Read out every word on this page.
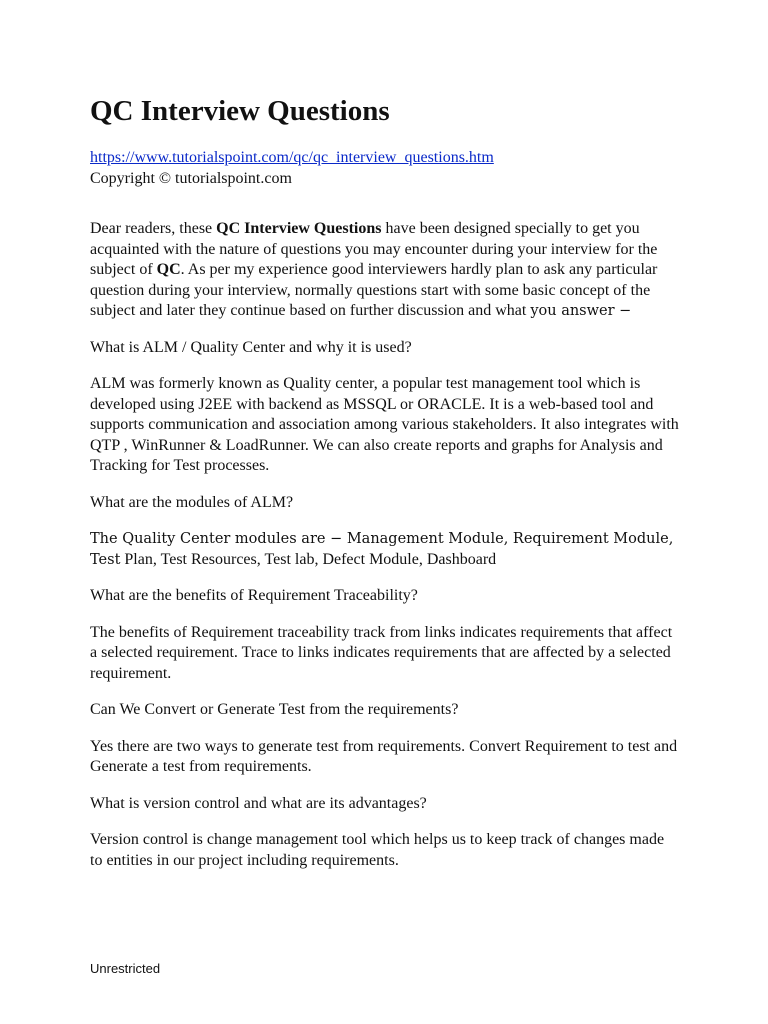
QC Interview Questions
https://www.tutorialspoint.com/qc/qc_interview_questions.htm
Copyright © tutorialspoint.com

Dear readers, these QC Interview Questions have been designed specially to get you acquainted with the nature of questions you may encounter during your interview for the subject of QC. As per my experience good interviewers hardly plan to ask any particular question during your interview, normally questions start with some basic concept of the subject and later they continue based on further discussion and what you answer −

What is ALM / Quality Center and why it is used?

ALM was formerly known as Quality center, a popular test management tool which is developed using J2EE with backend as MSSQL or ORACLE. It is a web-based tool and supports communication and association among various stakeholders. It also integrates with QTP , WinRunner & LoadRunner. We can also create reports and graphs for Analysis and Tracking for Test processes.

What are the modules of ALM?

The Quality Center modules are − Management Module, Requirement Module, Test Plan, Test Resources, Test lab, Defect Module, Dashboard

What are the benefits of Requirement Traceability?

The benefits of Requirement traceability track from links indicates requirements that affect a selected requirement. Trace to links indicates requirements that are affected by a selected requirement.

Can We Convert or Generate Test from the requirements?

Yes there are two ways to generate test from requirements. Convert Requirement to test and Generate a test from requirements.

What is version control and what are its advantages?

Version control is change management tool which helps us to keep track of changes made to entities in our project including requirements.

Unrestricted
